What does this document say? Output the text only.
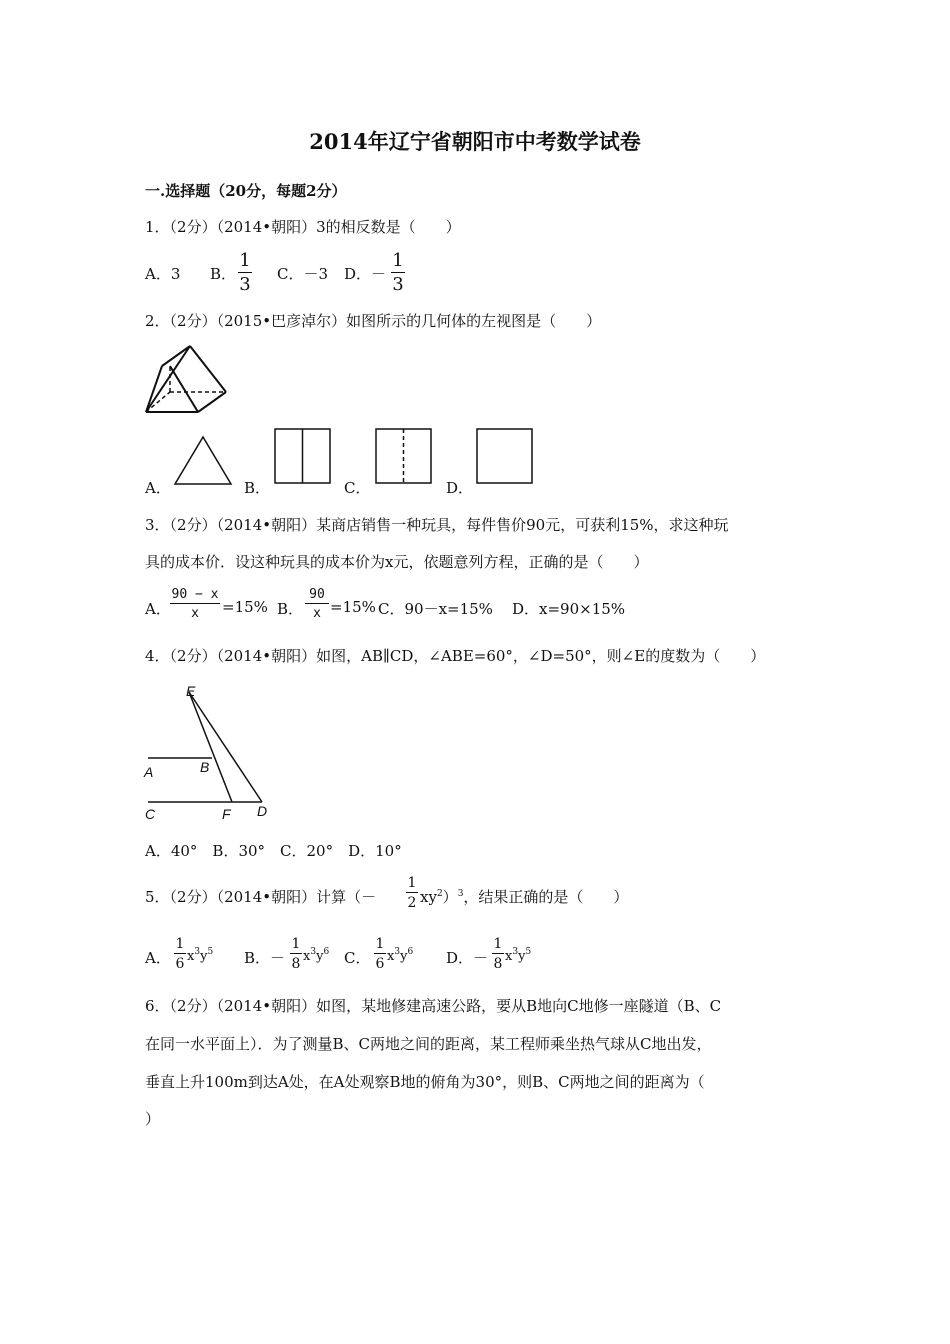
2014年辽宁省朝阳市中考数学试卷
一.选择题（20分，每题2分）
1．（2分）（2014•朝阳）3的相反数是（　　）
A．3 B．
1
3 C．－3 D．－
1
3
2．（2分）（2015•巴彦淖尔）如图所示的几何体的左视图是（　　）
A．	B．	C．	D．
3．（2分）（2014•朝阳）某商店销售一种玩具，每件售价90元，可获利15%，求这种玩
具的成本价．设这种玩具的成本价为x元，依题意列方程，正确的是（　　）
A．
90 − x
x	=15% B．
90
x =15% C．90－x=15% D．x=90×15%
4．（2分）（2014•朝阳）如图，AB∥CD，∠ABE=60°，∠D=50°，则∠E的度数为（　　）
E
A	B
C	F D
A．40°　B．30°　C．20°　D．10°
5．（2分）（2014•朝阳）计算（－
1
2 $xy^2)^3$，结果正确的是（　　）
A．
1
6 $x^3y^5$ B．－
1
8 $x^3y^6$ C．
1
6 $x^3y^6$ D．－
1
8 $x^3y^5$
6．（2分）（2014•朝阳）如图，某地修建高速公路，要从B地向C地修一座隧道（B、C
在同一水平面上）．为了测量B、C两地之间的距离，某工程师乘坐热气球从C地出发，
垂直上升100m到达A处，在A处观察B地的俯角为30°，则B、C两地之间的距离为（
）
